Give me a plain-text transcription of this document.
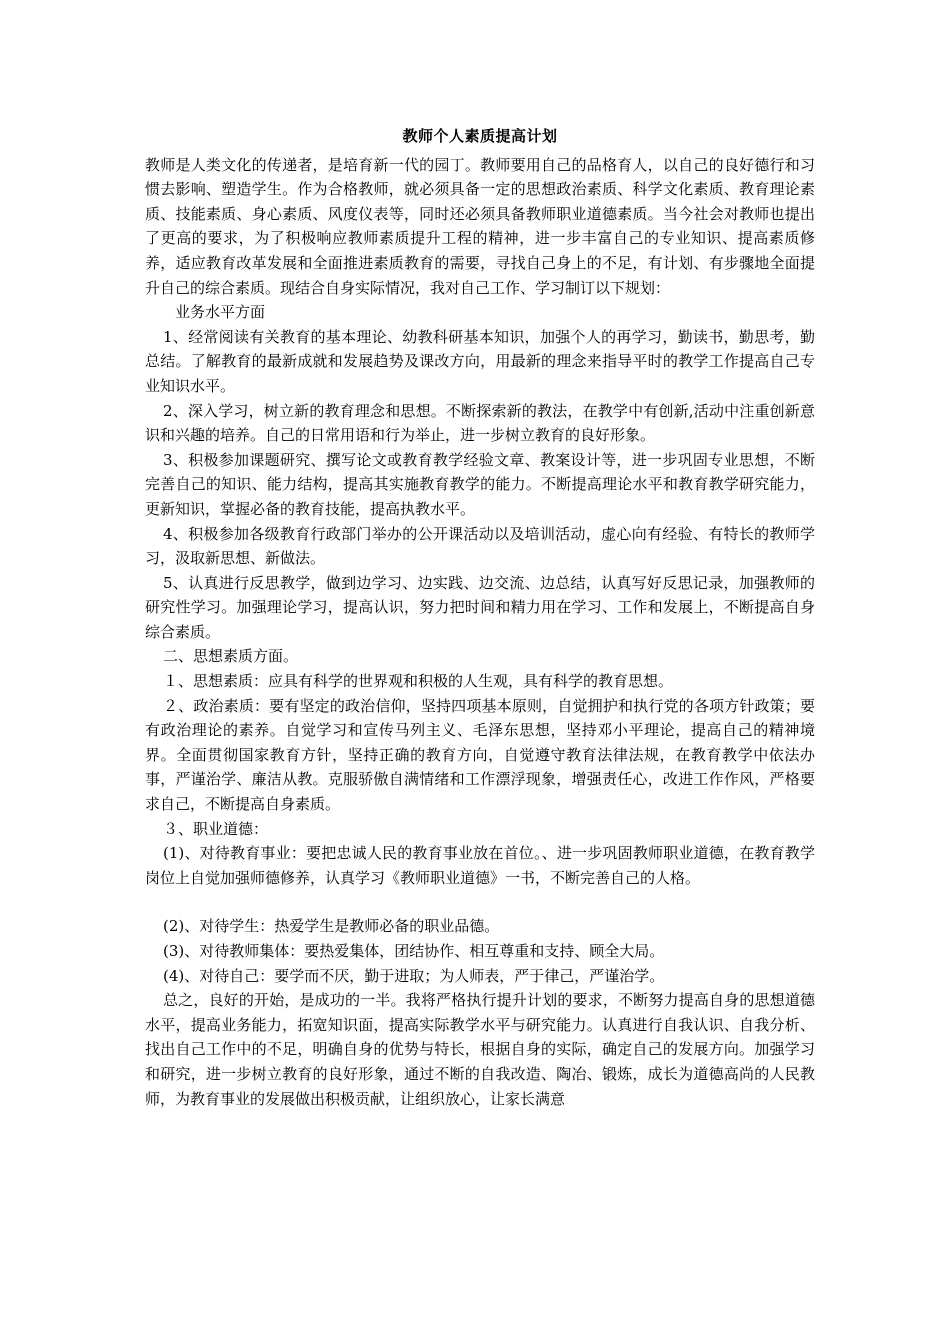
教师个人素质提高计划

教师是人类文化的传递者，是培育新一代的园丁。教师要用自己的品格育人，以自己的良好德行和习惯去影响、塑造学生。作为合格教师，就必须具备一定的思想政治素质、科学文化素质、教育理论素质、技能素质、身心素质、风度仪表等，同时还必须具备教师职业道德素质。当今社会对教师也提出了更高的要求，为了积极响应教师素质提升工程的精神，进一步丰富自己的专业知识、提高素质修养，适应教育改革发展和全面推进素质教育的需要，寻找自己身上的不足，有计划、有步骤地全面提升自己的综合素质。现结合自身实际情况，我对自己工作、学习制订以下规划：

业务水平方面

1、经常阅读有关教育的基本理论、幼教科研基本知识，加强个人的再学习，勤读书，勤思考，勤总结。了解教育的最新成就和发展趋势及课改方向，用最新的理念来指导平时的教学工作提高自己专业知识水平。

2、深入学习，树立新的教育理念和思想。不断探索新的教法，在教学中有创新,活动中注重创新意识和兴趣的培养。自己的日常用语和行为举止，进一步树立教育的良好形象。

3、积极参加课题研究、撰写论文或教育教学经验文章、教案设计等，进一步巩固专业思想，不断完善自己的知识、能力结构，提高其实施教育教学的能力。不断提高理论水平和教育教学研究能力，更新知识，掌握必备的教育技能，提高执教水平。

4、积极参加各级教育行政部门举办的公开课活动以及培训活动，虚心向有经验、有特长的教师学习，汲取新思想、新做法。

5、认真进行反思教学，做到边学习、边实践、边交流、边总结，认真写好反思记录，加强教师的研究性学习。加强理论学习，提高认识，努力把时间和精力用在学习、工作和发展上，不断提高自身综合素质。

二、思想素质方面。

１、思想素质：应具有科学的世界观和积极的人生观，具有科学的教育思想。

２、政治素质：要有坚定的政治信仰，坚持四项基本原则，自觉拥护和执行党的各项方针政策；要有政治理论的素养。自觉学习和宣传马列主义、毛泽东思想，坚持邓小平理论，提高自己的精神境界。全面贯彻国家教育方针，坚持正确的教育方向，自觉遵守教育法律法规，在教育教学中依法办事，严谨治学、廉洁从教。克服骄傲自满情绪和工作漂浮现象，增强责任心，改进工作作风，严格要求自己，不断提高自身素质。

３、职业道德：

(1)、对待教育事业：要把忠诚人民的教育事业放在首位。、进一步巩固教师职业道德，在教育教学岗位上自觉加强师德修养，认真学习《教师职业道德》一书，不断完善自己的人格。

(2)、对待学生：热爱学生是教师必备的职业品德。

(3)、对待教师集体：要热爱集体，团结协作、相互尊重和支持、顾全大局。

(4)、对待自己：要学而不厌，勤于进取；为人师表，严于律己，严谨治学。

总之，良好的开始，是成功的一半。我将严格执行提升计划的要求，不断努力提高自身的思想道德水平，提高业务能力，拓宽知识面，提高实际教学水平与研究能力。认真进行自我认识、自我分析、找出自己工作中的不足，明确自身的优势与特长，根据自身的实际，确定自己的发展方向。加强学习和研究，进一步树立教育的良好形象，通过不断的自我改造、陶冶、锻炼，成长为道德高尚的人民教师，为教育事业的发展做出积极贡献，让组织放心，让家长满意
